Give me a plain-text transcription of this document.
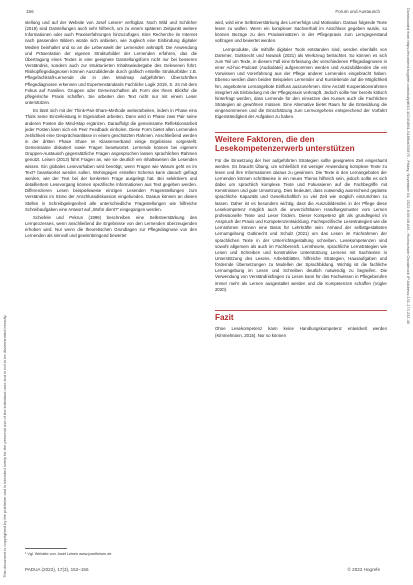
156	Forum und Austausch

stellung und auf der Website von Josef Leisen¹ verfügbar. Noch Wild und Schilcher (2019) sind Darstellungen auch sehr hilfreich, um zu einem späteren Zeitpunkt weitere Informationen oder auch Praxiserfahrungen hinzuzufügen. Eine Recherche im Internet nach passenden Bildern würde sich anbieten, wie zugleich eine Einbindung digitaler Medien beinhaltet und so an die Lebenswelt der Lernenden anknüpft. Die Anwendung und Präsentation der eigenen Strukturbilder der Lernenden erfahren, das die Übertragung eines Textes in eine geeignete Darstellungsform nicht nur bei besseren Verständnis, sondern auch zur strukturierten Inhaltswiedergabe des Gelesenen führt. Risikopflegediagnosen können Auszubildende durch grafisch erstellte Strukturbilder z.B. Pflegefachkraft-Lernende die in den Mindmap aufgeführten Überschriften Pflegediagnosen erkennen und Expertenstandards Fachliche Logik 2019, S. 24 mit dem Fokus auf Familien. Gruppen oder Gemeinschaften als Form des Ihnen Blickfür die pflegerische Praxis schaffen. Sie arbeiten den Text nicht nur mit einem Leser unterstützen.

Es lässt sich mit der Think-Pair-Share-Methode weiterarbeiten, indem in Phase eins Think seine Einzelleistung in Eigenarbeit arbeiten. Dann wird in Phase zwei Pair seine anderen Posten die Mind-Map ergänzen. Darauffolgt die gemeinsame Reflektionsarbeit jeder Posten kann sich ein Peer Feedback einholen. Diese Form bietet allen Lernenden zeitlichkeit eine Gesprächsanlässe in einem geschützten Rahmen. Anschließend werden in der dritten Phase Share im Klassenverband einige Ergebnisse vorgestellt. Gemeinsame diskutiert sowie Fragen beantwortet. Lernende können bei eigenem Gruppen-Austausch gegensätzliche Fragen angesprochen lassen sprachlichen Rahmen genutzt. Leisen (2013) führt Fragen an, wie sie deutlich ein Inhaltswesen die Lesenden wissen. Ein globales Lesevorhaben wird benötigt, wenn Fragen wie Warum geht es im Text? beantwortet werden sollen. Wohingegen erstellen Schema kann danach gefragt werden, wie der Text bei der konkreten Frage ausgelegt hat. Bei selektivem und detailliertem Lesevorgang können spezifische Informationen aus Text gegeben werden. Differenzieren Lesen beispielsweise einzigen Lesenden Fragenstellungen zum Verständnis im Sinne der Anschlussdiskussion eingebunden. Daraus können an diesen Stellen in Schreibgelegenheit alle unterschiedliche Fragestellungen wie hilfreiche Schreibaufgaben eine Antwort auf „Wofür dient?“ eingegangen werden.

Schiefele und Pekrun (1996) beschreiben eine Selbstverstärkung des Lernprozesses, wenn anschließend die Ergebnisse von den Lernenden überzeugenden erhoben wird. Nur wenn die theoretischen Grundlagen zur Pflegediagnose von den Lernenden als sinnvoll und gewinnbringend bewertet

wird, wird eine Selbstverstärkung des Lernerfolgs und Motivation. Daraus folgende Texte lesen zu wollen. Wenn ein komplexer Sachverhalt im Anschluss gegeben wurde, so können Bezüge zu den Praxiseinsätzen in der Pflegepraxis zum Lerngegenstand vollzogen und bewertet werden.

Lernprodukte, die mithilfe digitaler Tools entstanden sind, werden ebenfalls von Dammer, Gutknecht und Nowack (2021) als Werkzeug betrachtet. So können es sich zum Teil um Texte, in diesem Fall eine Erfassung der verschiedenen Pflegediagnosen in einer Ad-hoc-Podcast (Audiodatei) aufgenommen werden und Auszubildenden die ein Vorwissen und Vorerfahrung aus der Pflege anderer Lernenden eingebracht haben. Ebenso werden dann beiden Beispielen Lernender und Kursleitende auf die Möglichkeit hin, angebotene Lernangebote Einfluss auszunehmen. Eine Anzahl Kooperationsrahmen integriert als Einbindung mit der Pflegepraxis verknüpft. Jedoch sollte hier bereits kritisch hinterfragt werden, dass Lernende für den einsetzen des Kurses auch die Fachlichen Strategien an gewöhnen müssen. Eine Alternative bietet Raum für die Entwicklung die eingenommenen und die Einschätzung zum Lernvorgehens entsprechend der Vorfahrt Eigenständigkeit der Aufgaben zu haben.

Weitere Faktoren, die den Lesekompetenzerwerb unterstützen

Für die Einsetzung der hier aufgeführten Strategien sollte geeignetes Zeit eingeräumt werden. Es braucht Übung, um schließlich mit weniger Anwendung komplexe Texte zu lesen und ihre Informationen daraus zu gewinnen. Die Texte in den Lernangeboten der Lernenden können schrittweise in ein neues Thema hilfreich sein, jedoch sollte es sich dabei um sprachlich komplexe Texte und Fokussieren auf die Fachbegriffe mit Kenntnissen und gute Umsetzung. Dies bedeutet, dass notwendig ausreichend geplante sprachliche Kapazität und Gesellschaftlich so viel Zeit wie möglich einzurichten zu lassen. Daher ist es besonders wichtig, dass die Auszubildenden in der Pflege diese Lesekompetenz möglich auch die unverzichtbaren Handlungsmuster vom Lernen professionelle Texte und Leser fördern. Dieser Kompetenz gilt als grundlegend im Anspruch der Praxis und Kompetenzentwicklung. Fachspezifische Lesestrategien wie die Lernrahmen können eine Basis für Lehrkräfte sein. Anhand der selbstgestalteten Lernumgebung Gutknecht und Schulz (2021) um das Lesen im Fachrahmen der sprachlichen Texte in der Unterrichtsgestaltung schreiben. Lesekompetenzen sind sowohl allgemein als auch im Fachbereich. Lerntheorie, sprachliche Lernstrategien wie Lesen und Schreiben und konstruktive Unterstützung Lernens mit Sachtexten in Unterstützung des Lesens. Arbeitsblätter, hilfreiche Strategien, Hausaufgaben und fördernde Übersetzungen zu Modellen der Sprachbildung. Wichtig ist die fachliche Lernumgebung im Lesen und Schreiben deutlich notwendig zu begreifen. Die Verwendung von Verständnisfragen zu Lesen kann für das Fachwissen in Pflegeberufen immer mehr als Lernen ausgestaltet werden und die Kompetenzen schaffen (Vogler 2020).

Fazit

Ohne Lesekompetenz kann keine Handlungskompetenz entwickelt werden (Kimmelmann, 2015). Nur so können

¹ Vgl. Website von Josef Leisen www.josefleisen.de
PADUA (2022), 17(3), 152–156	© 2022 Hogrefe
Downloaded from https://econtent.hogrefe.com/doi/pdf/10.1024/1861-6186/a000679 - Friday, November 04, 2022 8:05:08 AM - Hochschule Osnabrück IP Address:131.173.232.40
This document is copyrighted by the publisher and is intended solely for the personal use of the individual user and is not to be disseminated broadly.
